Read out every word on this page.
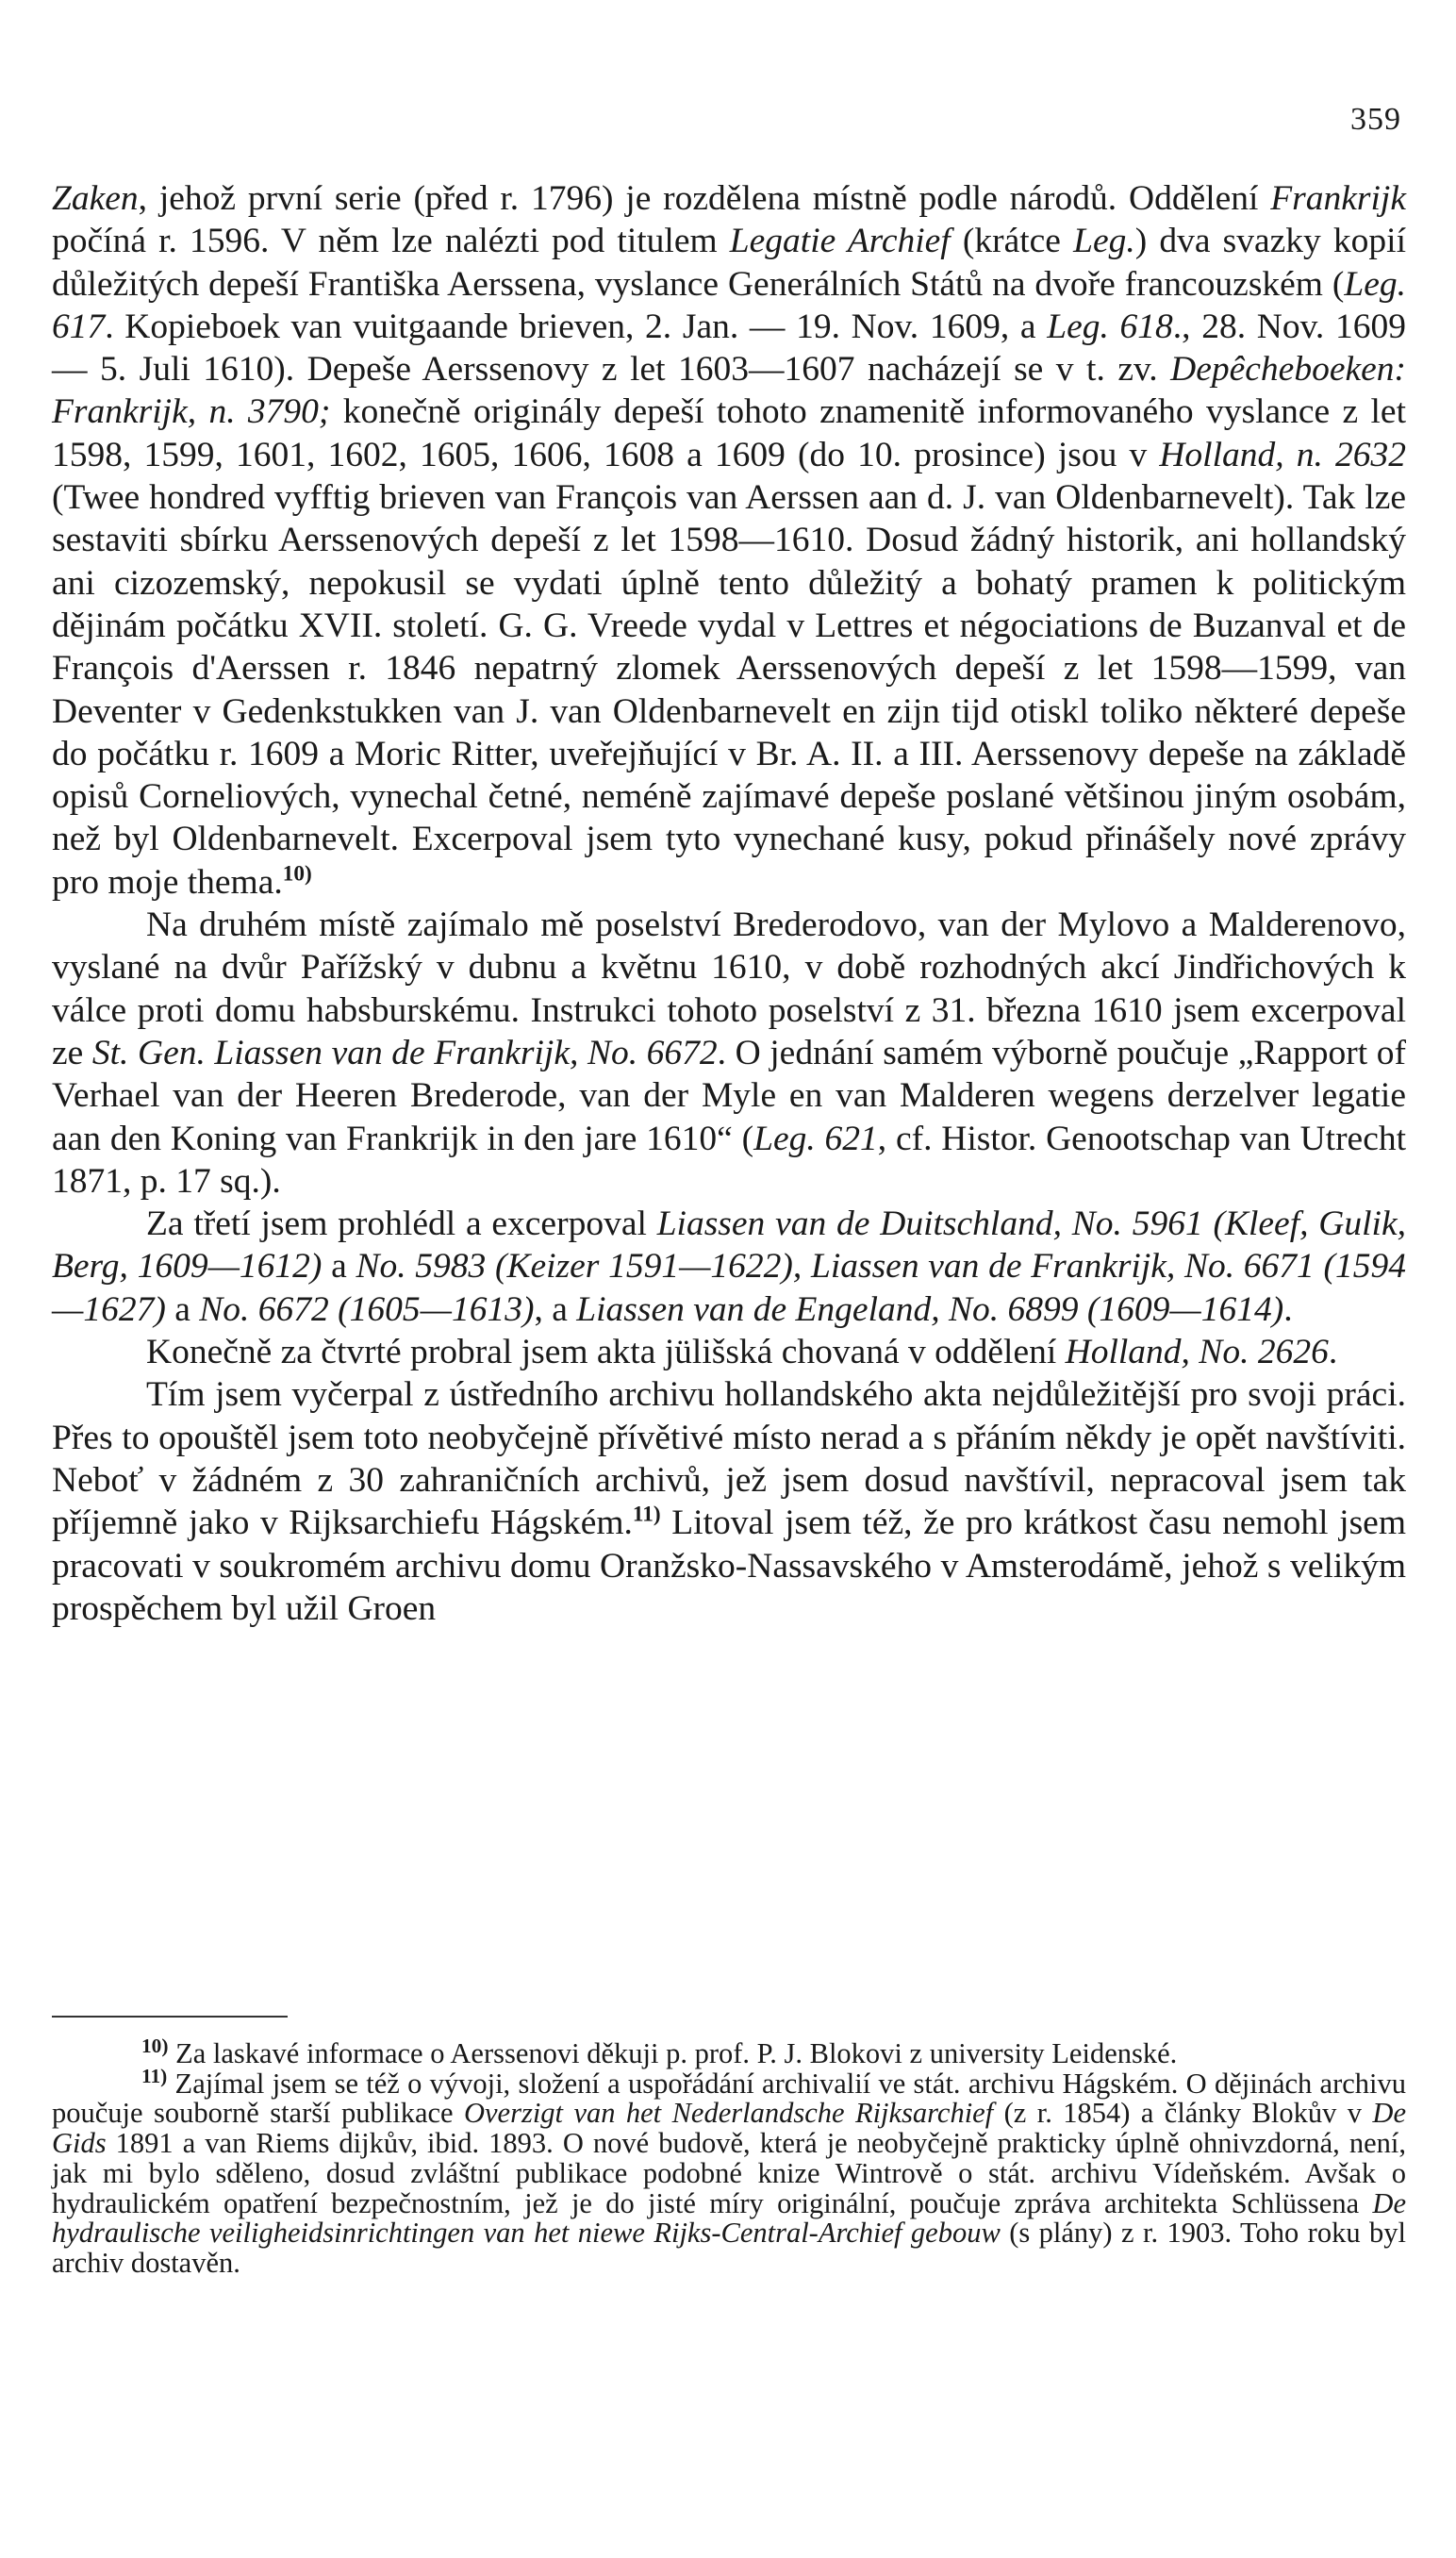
359

Zaken, jehož první serie (před r. 1796) je rozdělena místně podle národů. Oddělení Frankrijk počíná r. 1596. V něm lze nalézti pod titulem Legatie Archief (krátce Leg.) dva svazky kopií důležitých depeší Františka Aerssena, vyslance Generálních Států na dvoře francouzském (Leg. 617. Kopieboek van vuitgaande brieven, 2. Jan. — 19. Nov. 1609, a Leg. 618., 28. Nov. 1609 — 5. Juli 1610). Depeše Aerssenovy z let 1603—1607 nacházejí se v t. zv. Depêcheboeken: Frankrijk, n. 3790; konečně originály depeší tohoto znamenitě informovaného vyslance z let 1598, 1599, 1601, 1602, 1605, 1606, 1608 a 1609 (do 10. prosince) jsou v Holland, n. 2632 (Twee hondred vyfftig brieven van François van Aerssen aan d. J. van Oldenbarnevelt). Tak lze sestaviti sbírku Aerssenových depeší z let 1598—1610. Dosud žádný historik, ani hollandský ani cizozemský, nepokusil se vydati úplně tento důležitý a bohatý pramen k politickým dějinám počátku XVII. století. G. G. Vreede vydal v Lettres et négociations de Buzanval et de François d'Aerssen r. 1846 nepatrný zlomek Aerssenových depeší z let 1598—1599, van Deventer v Gedenkstukken van J. van Oldenbarnevelt en zijn tijd otiskl toliko některé depeše do počátku r. 1609 a Moric Ritter, uveřejňující v Br. A. II. a III. Aerssenovy depeše na základě opisů Corneliových, vynechal četné, neméně zajímavé depeše poslané většinou jiným osobám, než byl Oldenbarnevelt. Excerpoval jsem tyto vynechané kusy, pokud přinášely nové zprávy pro moje thema.$^{10)}$

Na druhém místě zajímalo mě poselství Brederodovo, van der Mylovo a Malderenovo, vyslané na dvůr Pařížský v dubnu a květnu 1610, v době rozhodných akcí Jindřichových k válce proti domu habsburskému. Instrukci tohoto poselství z 31. března 1610 jsem excerpoval ze St. Gen. Liassen van de Frankrijk, No. 6672. O jednání samém výborně poučuje „Rapport of Verhael van der Heeren Brederode, van der Myle en van Malderen wegens derzelver legatie aan den Koning van Frankrijk in den jare 1610“ (Leg. 621, cf. Histor. Genootschap van Utrecht 1871, p. 17 sq.).

Za třetí jsem prohlédl a excerpoval Liassen van de Duitschland, No. 5961 (Kleef, Gulik, Berg, 1609—1612) a No. 5983 (Keizer 1591—1622), Liassen van de Frankrijk, No. 6671 (1594—1627) a No. 6672 (1605—1613), a Liassen van de Engeland, No. 6899 (1609—1614).

Konečně za čtvrté probral jsem akta jülišská chovaná v oddělení Holland, No. 2626.

Tím jsem vyčerpal z ústředního archivu hollandského akta nejdůležitější pro svoji práci. Přes to opouštěl jsem toto neobyčejně přívětivé místo nerad a s přáním někdy je opět navštíviti. Neboť v žádném z 30 zahraničních archivů, jež jsem dosud navštívil, nepracoval jsem tak příjemně jako v Rijksarchiefu Hágském.$^{11)}$ Litoval jsem též, že pro krátkost času nemohl jsem pracovati v soukromém archivu domu Oranžsko-Nassavského v Amsterodámě, jehož s velikým prospěchem byl užil Groen

$^{10)}$ Za laskavé informace o Aerssenovi děkuji p. prof. P. J. Blokovi z university Leidenské.

$^{11)}$ Zajímal jsem se též o vývoji, složení a uspořádání archivalií ve stát. archivu Hágském. O dějinách archivu poučuje souborně starší publikace Overzigt van het Nederlandsche Rijksarchief (z r. 1854) a články Blokův v De Gids 1891 a van Riems dijkův, ibid. 1893. O nové budově, která je neobyčejně prakticky úplně ohnivzdorná, není, jak mi bylo sděleno, dosud zvláštní publikace podobné knize Wintrově o stát. archivu Vídeňském. Avšak o hydraulickém opatření bezpečnostním, jež je do jisté míry originální, poučuje zpráva architekta Schlüssena De hydraulische veiligheidsinrichtingen van het niewe Rijks-Central-Archief gebouw (s plány) z r. 1903. Toho roku byl archiv dostavěn.
